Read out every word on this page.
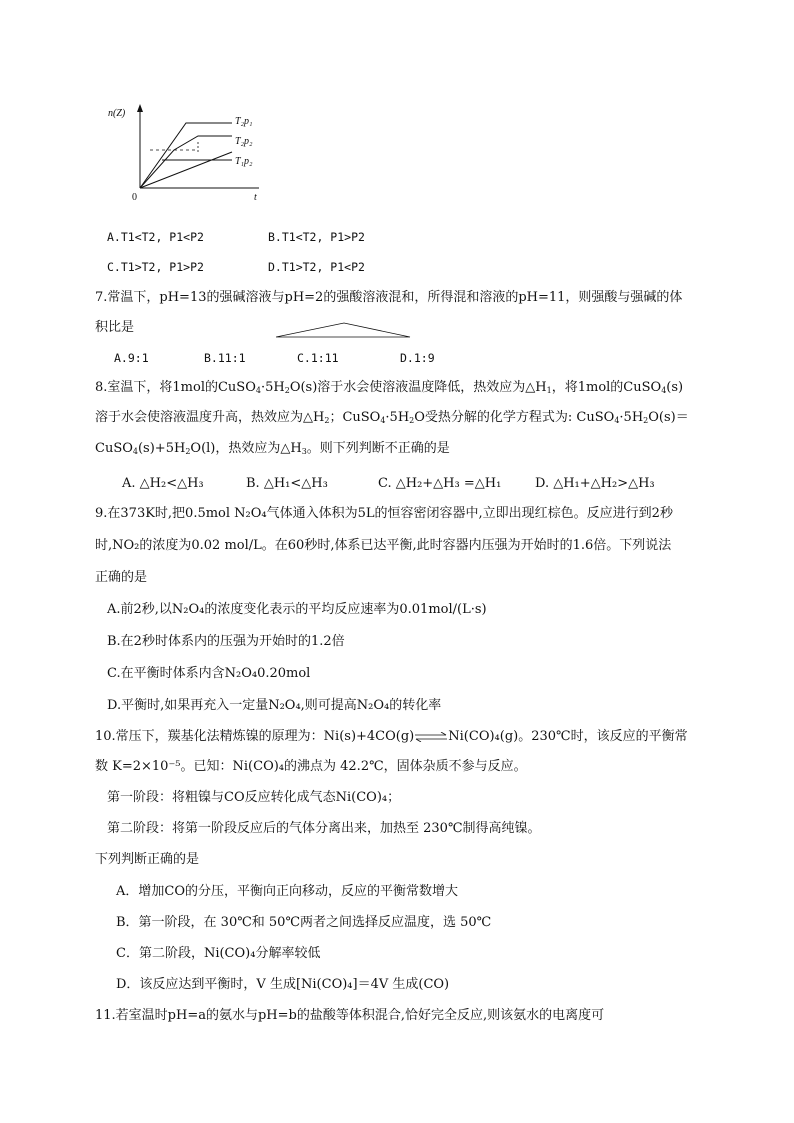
n(Z)
0	t
T₂p₁
T₂p₂
T₁p₂
A.T1<T2, P1<P2	B.T1<T2, P1>P2
C.T1>T2, P1>P2	D.T1>T2, P1<P2
7.常温下，pH=13的强碱溶液与pH=2的强酸溶液混和，所得混和溶液的pH=11，则强酸与强碱的体
积比是
A.9:1	B.11:1	C.1:11	D.1:9
8.室温下，将1mol的$CuSO_4\cdot 5H_2O(s)$溶于水会使溶液温度降低，热效应为$\triangle H_1$，将1mol的CuSO$_4$(s)
溶于水会使溶液温度升高，热效应为$\triangle H_2$；$CuSO_4\cdot 5H_2O$受热分解的化学方程式为: $CuSO_4\cdot 5H_2O(s)=$
$CuSO_4(s)+5H_2O(l)$，热效应为$\triangle H_3$。则下列判断不正确的是
A. △H₂<△H₃	B. △H₁<△H₃	C. △H₂+△H₃ =△H₁	D. △H₁+△H₂>△H₃
9.在373K时,把0.5mol N₂O₄气体通入体积为5L的恒容密闭容器中,立即出现红棕色。反应进行到2秒
时,NO₂的浓度为0.02 mol/L。在60秒时,体系已达平衡,此时容器内压强为开始时的1.6倍。下列说法
正确的是
A.前2秒,以N₂O₄的浓度变化表示的平均反应速率为0.01mol/(L·s)
B.在2秒时体系内的压强为开始时的1.2倍
C.在平衡时体系内含N₂O₄0.20mol
D.平衡时,如果再充入一定量N₂O₄,则可提高N₂O₄的转化率
10.常压下，羰基化法精炼镍的原理为：Ni(s)+4CO(g)⇌Ni(CO)₄(g)。230℃时，该反应的平衡常
数 K=2×10⁻⁵。已知：Ni(CO)₄的沸点为 42.2℃，固体杂质不参与反应。
第一阶段：将粗镍与CO反应转化成气态Ni(CO)₄；
第二阶段：将第一阶段反应后的气体分离出来，加热至 230℃制得高纯镍。
下列判断正确的是
A．增加CO的分压，平衡向正向移动，反应的平衡常数增大
B．第一阶段，在 30℃和 50℃两者之间选择反应温度，选 50℃
C．第二阶段，Ni(CO)₄分解率较低
D．该反应达到平衡时，V 生成[Ni(CO)₄]＝4V 生成(CO)
11.若室温时pH=a的氨水与pH=b的盐酸等体积混合,恰好完全反应,则该氨水的电离度可
